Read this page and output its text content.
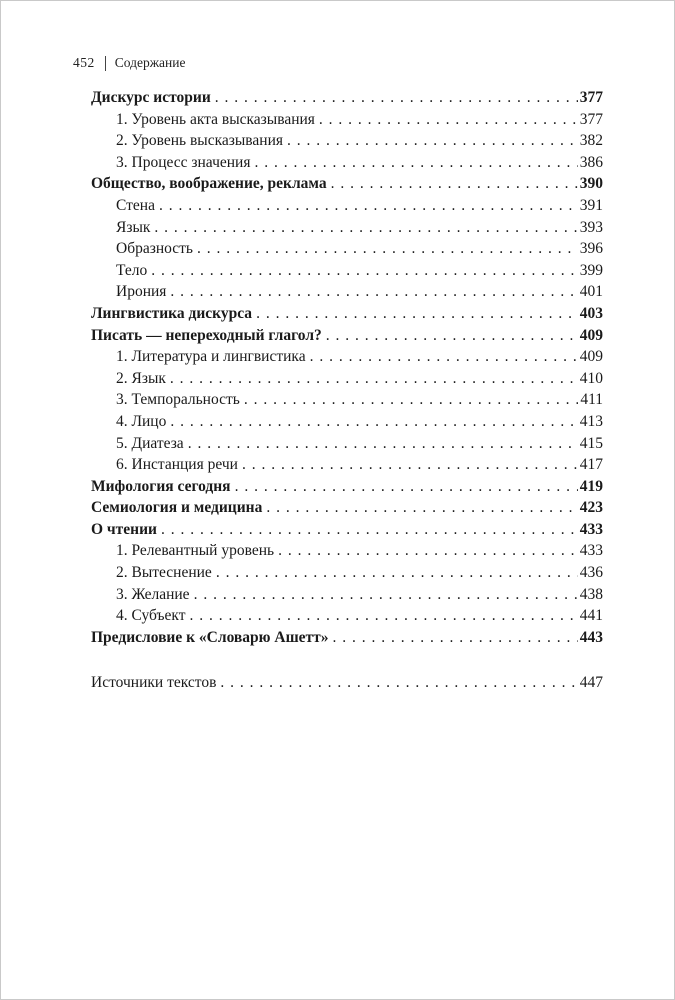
452 Содержание
Дискурс истории . . .	377
1. Уровень акта высказывания . . .	377
2. Уровень высказывания . . .	382
3. Процесс значения . . .	386
Общество, воображение, реклама . . .	390
Стена . . .	391
Язык . . .	393
Образность . . .	396
Тело . . .	399
Ирония . . .	401
Лингвистика дискурса . . .	403
Писать — непереходный глагол? . . .	409
1. Литература и лингвистика . . .	409
2. Язык . . .	410
3. Темпоральность . . .	411
4. Лицо . . .	413
5. Диатеза . . .	415
6. Инстанция речи . . .	417
Мифология сегодня . . .	419
Семиология и медицина . . .	423
О чтении . . .	433
1. Релевантный уровень . . .	433
2. Вытеснение . . .	436
3. Желание . . .	438
4. Субъект . . .	441
Предисловие к «Словарю Ашетт» . . .	443
Источники текстов . . .	447
